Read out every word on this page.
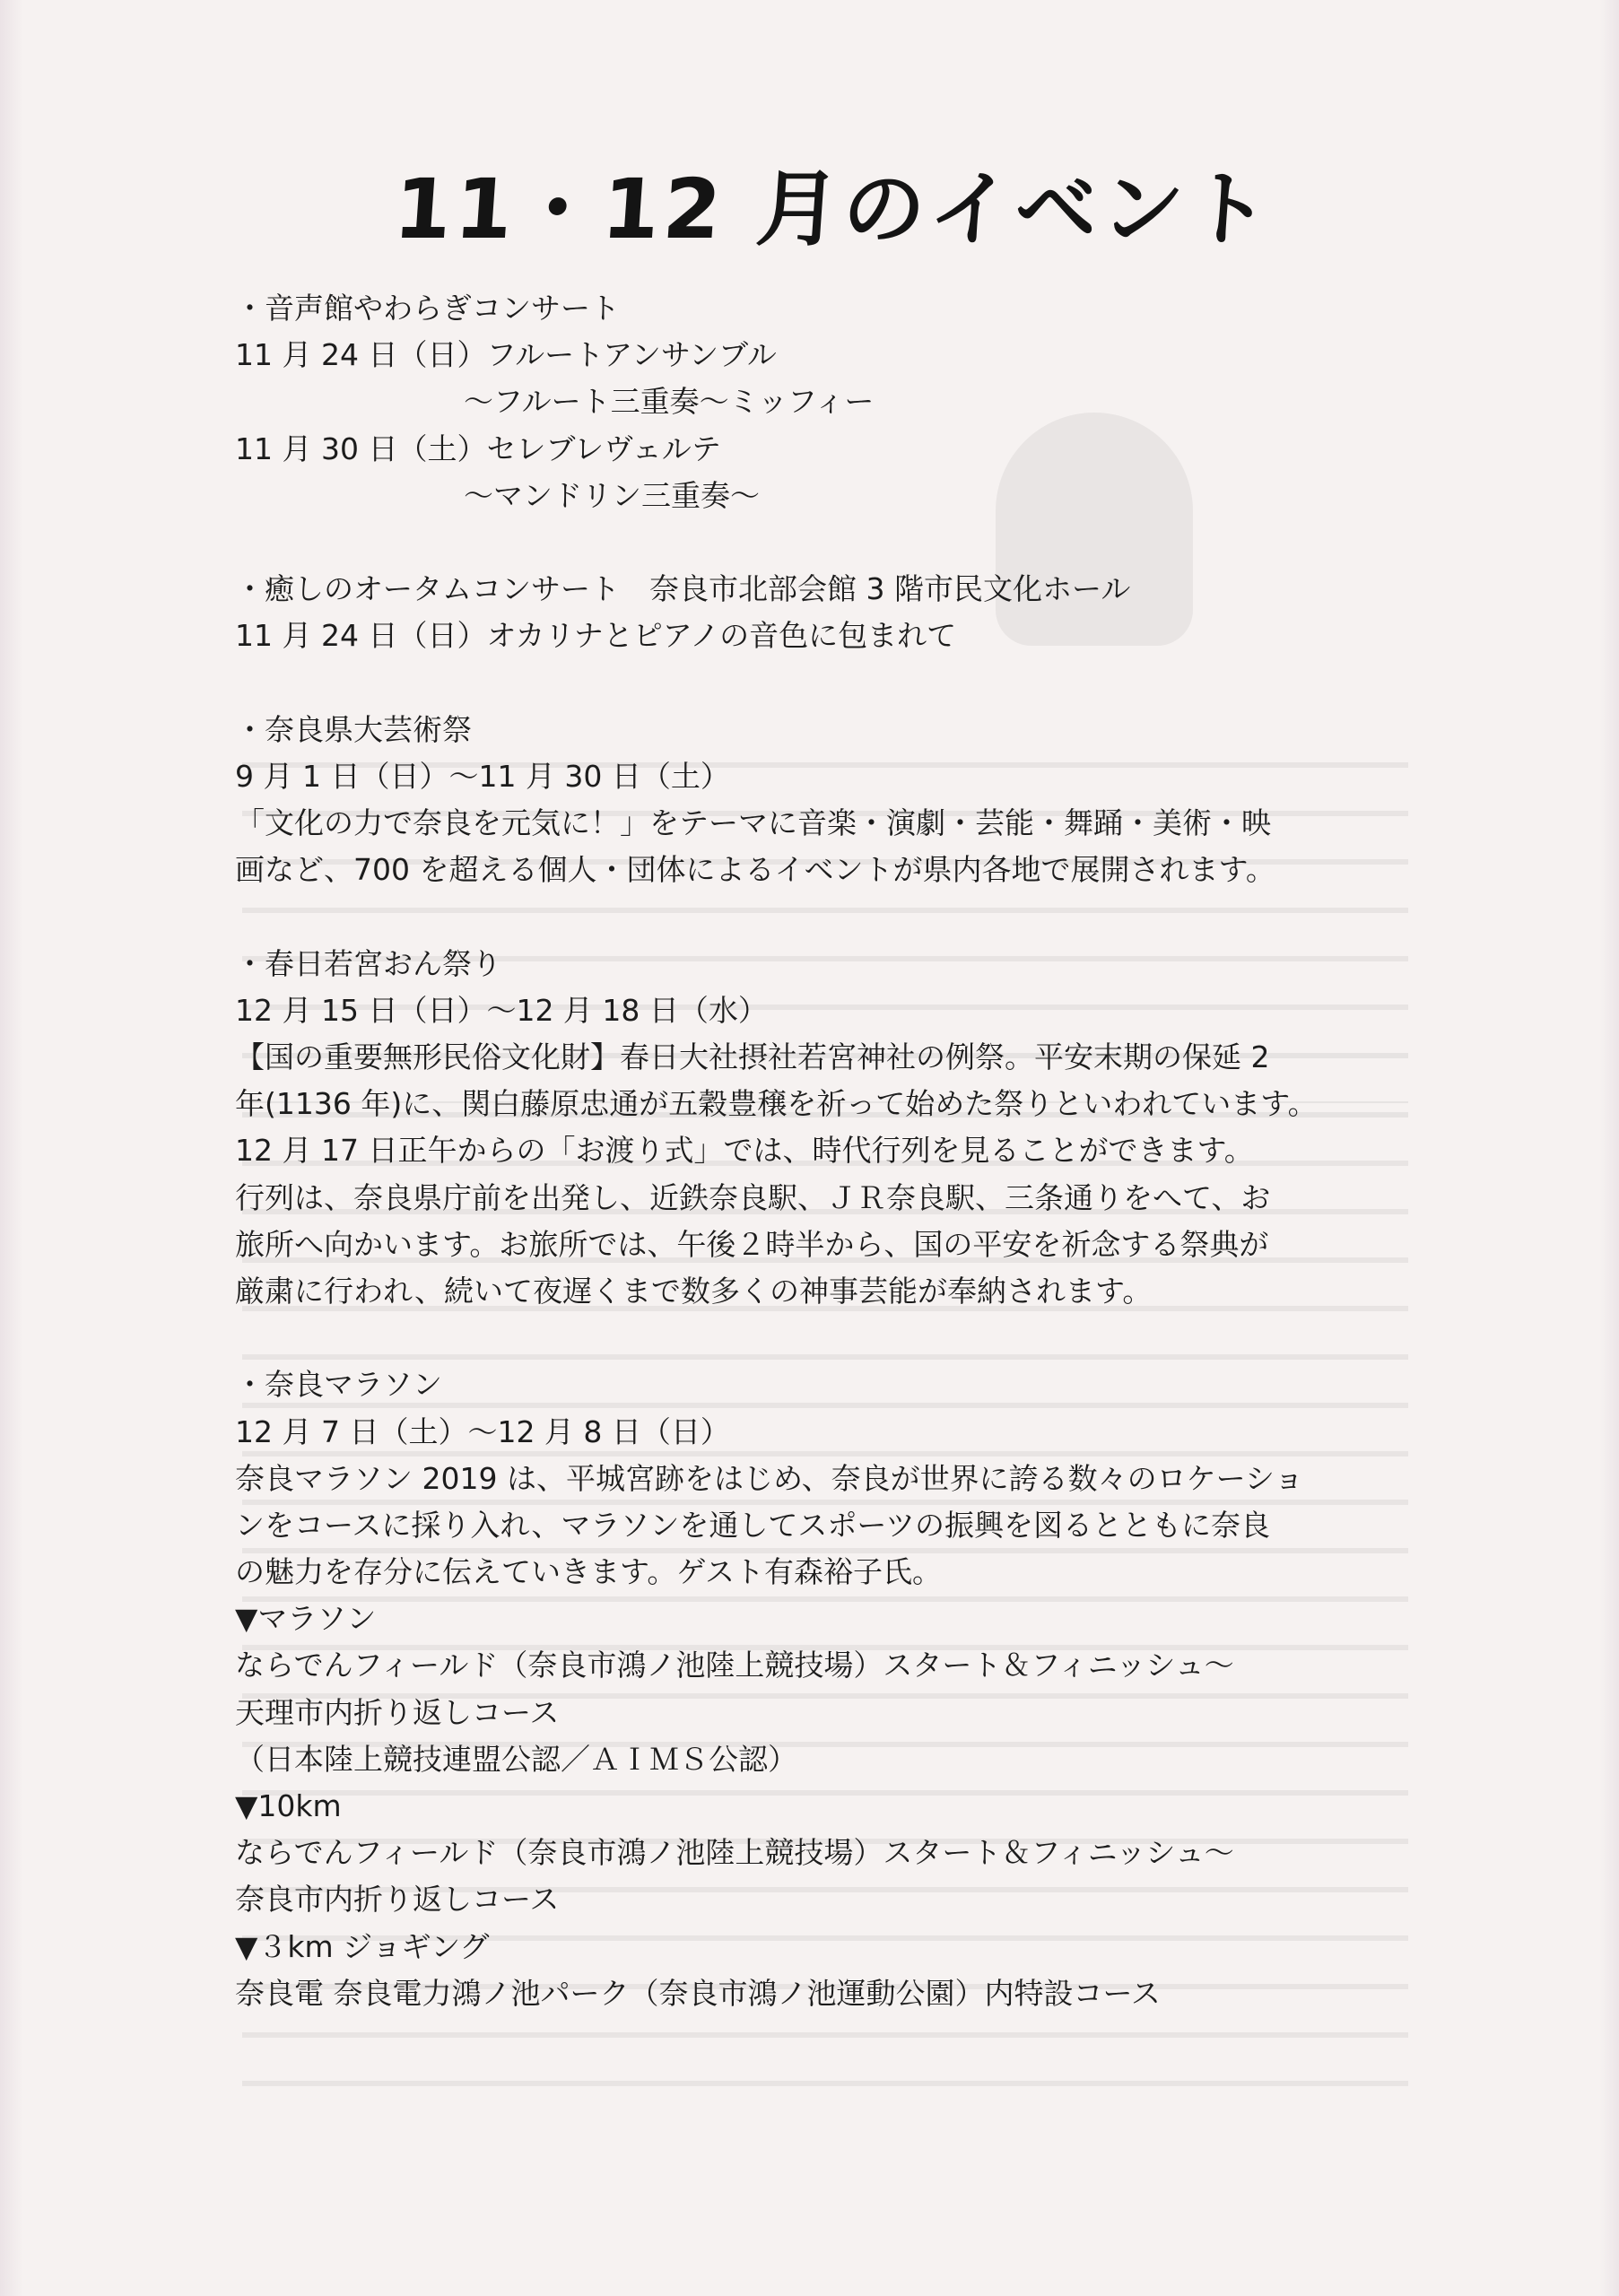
11・12 月のイベント
・音声館やわらぎコンサート
11 月 24 日（日）フルートアンサンブル
～フルート三重奏～ミッフィー
11 月 30 日（土）セレブレヴェルテ
～マンドリン三重奏～
・癒しのオータムコンサート　奈良市北部会館 3 階市民文化ホール
11 月 24 日（日）オカリナとピアノの音色に包まれて
・奈良県大芸術祭
9 月 1 日（日）～11 月 30 日（土）
「文化の力で奈良を元気に！」をテーマに音楽・演劇・芸能・舞踊・美術・映
画など、700 を超える個人・団体によるイベントが県内各地で展開されます。
・春日若宮おん祭り
12 月 15 日（日）～12 月 18 日（水）
【国の重要無形民俗文化財】春日大社摂社若宮神社の例祭。平安末期の保延 2
年(1136 年)に、関白藤原忠通が五穀豊穣を祈って始めた祭りといわれています。
12 月 17 日正午からの「お渡り式」では、時代行列を見ることができます。
行列は、奈良県庁前を出発し、近鉄奈良駅、ＪＲ奈良駅、三条通りをへて、お
旅所へ向かいます。お旅所では、午後２時半から、国の平安を祈念する祭典が
厳粛に行われ、続いて夜遅くまで数多くの神事芸能が奉納されます。
・奈良マラソン
12 月 7 日（土）～12 月 8 日（日）
奈良マラソン 2019 は、平城宮跡をはじめ、奈良が世界に誇る数々のロケーショ
ンをコースに採り入れ、マラソンを通してスポーツの振興を図るとともに奈良
の魅力を存分に伝えていきます。ゲスト有森裕子氏。
▼マラソン
ならでんフィールド（奈良市鴻ノ池陸上競技場）スタート＆フィニッシュ～
天理市内折り返しコース
（日本陸上競技連盟公認／ＡＩＭＳ公認）
▼10km
ならでんフィールド（奈良市鴻ノ池陸上競技場）スタート＆フィニッシュ～
奈良市内折り返しコース
▼３km ジョギング
奈良電 奈良電力鴻ノ池パーク（奈良市鴻ノ池運動公園）内特設コース
